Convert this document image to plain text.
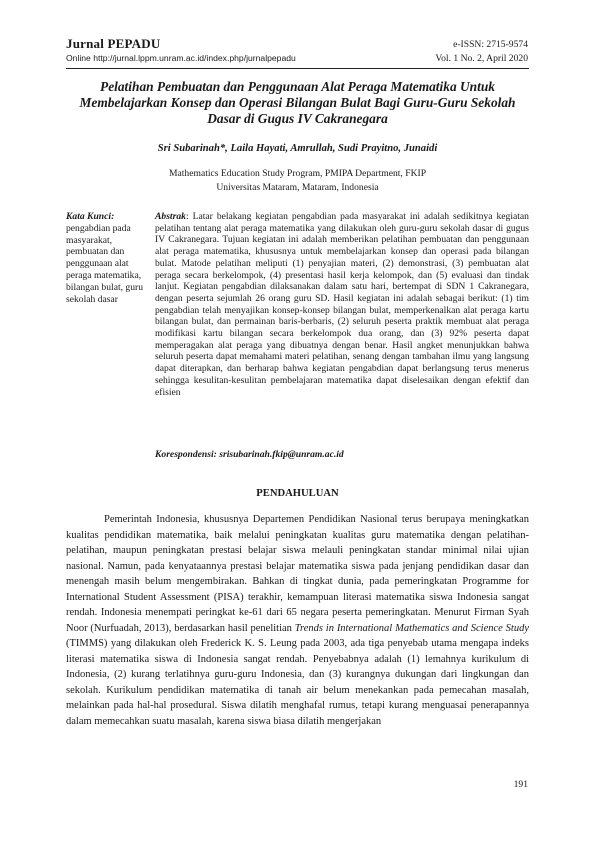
Jurnal PEPADU
Online http://jurnal.lppm.unram.ac.id/index.php/jurnalpepadu
e-ISSN: 2715-9574
Vol. 1 No. 2, April 2020
Pelatihan Pembuatan dan Penggunaan Alat Peraga Matematika Untuk Membelajarkan Konsep dan Operasi Bilangan Bulat Bagi Guru-Guru Sekolah Dasar di Gugus IV Cakranegara
Sri Subarinah*, Laila Hayati, Amrullah, Sudi Prayitno, Junaidi
Mathematics Education Study Program, PMIPA Department, FKIP
Universitas Mataram, Mataram, Indonesia
Kata Kunci: pengabdian pada masyarakat, pembuatan dan penggunaan alat peraga matematika, bilangan bulat, guru sekolah dasar
Abstrak: Latar belakang kegiatan pengabdian pada masyarakat ini adalah sedikitnya kegiatan pelatihan tentang alat peraga matematika yang dilakukan oleh guru-guru sekolah dasar di gugus IV Cakranegara. Tujuan kegiatan ini adalah memberikan pelatihan pembuatan dan penggunaan alat peraga matematika, khususnya untuk membelajarkan konsep dan operasi pada bilangan bulat. Matode pelatihan meliputi (1) penyajian materi, (2) demonstrasi, (3) pembuatan alat peraga secara berkelompok, (4) presentasi hasil kerja kelompok, dan (5) evaluasi dan tindak lanjut. Kegiatan pengabdian dilaksanakan dalam satu hari, bertempat di SDN 1 Cakranegara, dengan peserta sejumlah 26 orang guru SD. Hasil kegiatan ini adalah sebagai berikut: (1) tim pengabdian telah menyajikan konsep-konsep bilangan bulat, memperkenalkan alat peraga kartu bilangan bulat, dan permainan baris-berbaris, (2) seluruh peserta praktik membuat alat peraga modifikasi kartu bilangan secara berkelompok dua orang, dan (3) 92% peserta dapat memperagakan alat peraga yang dibuatnya dengan benar. Hasil angket menunjukkan bahwa seluruh peserta dapat memahami materi pelatihan, senang dengan tambahan ilmu yang langsung dapat diterapkan, dan berharap bahwa kegiatan pengabdian dapat berlangsung terus menerus sehingga kesulitan-kesulitan pembelajaran matematika dapat diselesaikan dengan efektif dan efisien
Korespondensi: srisubarinah.fkip@unram.ac.id
PENDAHULUAN
Pemerintah Indonesia, khususnya Departemen Pendidikan Nasional terus berupaya meningkatkan kualitas pendidikan matematika, baik melalui peningkatan kualitas guru matematika dengan pelatihan-pelatihan, maupun peningkatan prestasi belajar siswa melauli peningkatan standar minimal nilai ujian nasional. Namun, pada kenyataannya prestasi belajar matematika siswa pada jenjang pendidikan dasar dan menengah masih belum mengembirakan. Bahkan di tingkat dunia, pada pemeringkatan Programme for International Student Assessment (PISA) terakhir, kemampuan literasi matematika siswa Indonesia sangat rendah. Indonesia menempati peringkat ke-61 dari 65 negara peserta pemeringkatan. Menurut Firman Syah Noor (Nurfuadah, 2013), berdasarkan hasil penelitian Trends in International Mathematics and Science Study (TIMMS) yang dilakukan oleh Frederick K. S. Leung pada 2003, ada tiga penyebab utama mengapa indeks literasi matematika siswa di Indonesia sangat rendah. Penyebabnya adalah (1) lemahnya kurikulum di Indonesia, (2) kurang terlatihnya guru-guru Indonesia, dan (3) kurangnya dukungan dari lingkungan dan sekolah. Kurikulum pendidikan matematika di tanah air belum menekankan pada pemecahan masalah, melainkan pada hal-hal prosedural. Siswa dilatih menghafal rumus, tetapi kurang menguasai penerapannya dalam memecahkan suatu masalah, karena siswa biasa dilatih mengerjakan
191
